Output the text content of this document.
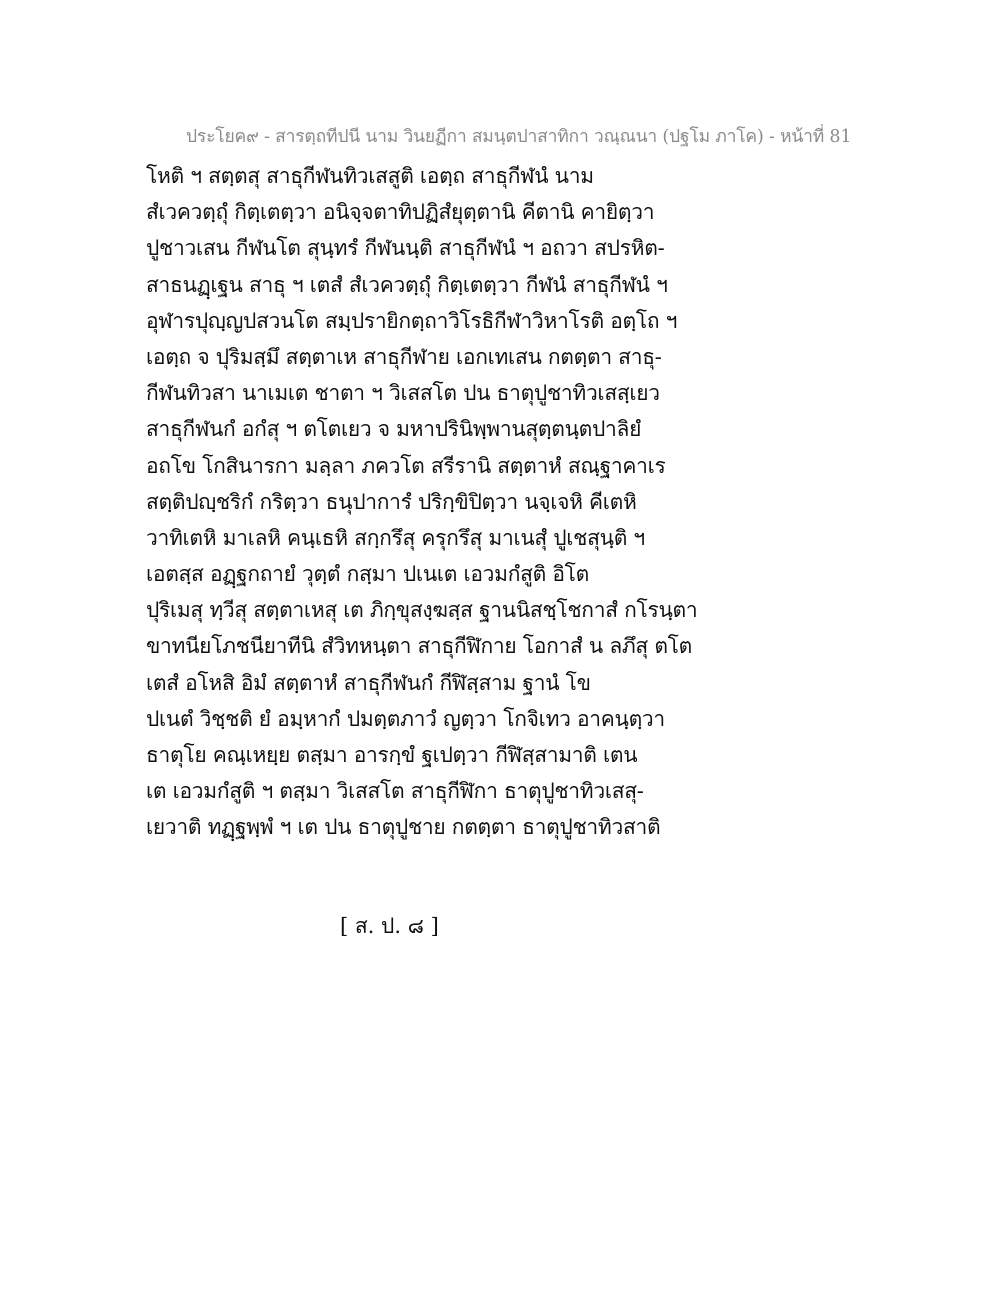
ประโยค๙ - สารตฺถทีปนี นาม วินยฏีกา สมนฺตปาสาทิกา วณฺณนา (ปฐโม ภาโค) - หน้าที่ 81
โหติ ฯ สตฺตสุ สาธุกีฬนทิวเสสูติ เอตฺถ สาธุกีฬนํ นาม
สํเวควตฺถุํ กิตฺเตตฺวา อนิจฺจตาทิปฏิสํยุตฺตานิ คีตานิ คายิตฺวา
ปูชาวเสน กีฬนโต สุนฺทรํ กีฬนนฺติ สาธุกีฬนํ ฯ อถวา สปรหิต-
สาธนฏฺเฐน สาธุ ฯ เตสํ สํเวควตฺถุํ กิตฺเตตฺวา กีฬนํ สาธุกีฬนํ ฯ
อุฬารปุญฺญปสวนโต สมฺปรายิกตฺถาวิโรธิกีฬาวิหาโรติ อตฺโถ ฯ
เอตฺถ จ ปุริมสฺมึ สตฺตาเห สาธุกีฬาย เอกเทเสน กตตฺตา สาธุ-
กีฬนทิวสา นาเมเต ชาตา ฯ วิเสสโต ปน ธาตุปูชาทิวเสสฺเยว
สาธุกีฬนกํ อกํสุ ฯ ตโตเยว จ มหาปรินิพฺพานสุตฺตนฺตปาลิยํ
อถโข โกสินารกา มลฺลา ภควโต สรีรานิ สตฺตาหํ สณฺฐาคาเร
สตฺติปญฺชริกํ กริตฺวา ธนุปาการํ ปริกฺขิปิตฺวา นจฺเจหิ คีเตหิ
วาทิเตหิ มาเลหิ คนฺเธหิ สกฺกรึสุ ครุกรึสุ มาเนสุํ ปูเชสุนฺติ ฯ
เอตสฺส อฏฺฐกถายํ วุตฺตํ กสฺมา ปเนเต เอวมกํสูติ อิโต
ปุริเมสุ ทฺวีสุ สตฺตาเหสุ เต ภิกฺขุสงฺฆสฺส ฐานนิสชฺโชกาสํ กโรนฺตา
ขาทนียโภชนียาทีนิ สํวิทหนฺตา สาธุกีฬิกาย โอกาสํ น ลภึสุ ตโต
เตสํ อโหสิ อิมํ สตฺตาหํ สาธุกีฬนกํ กีฬิสฺสาม ฐานํ โข
ปเนตํ วิชฺชติ ยํ อมฺหากํ ปมตฺตภาวํ ญตฺวา โกจิเทว อาคนฺตฺวา
ธาตุโย คณฺเหยฺย ตสฺมา อารกฺขํ ฐเปตฺวา กีฬิสฺสามาติ เตน
เต เอวมกํสูติ ฯ ตสฺมา วิเสสโต สาธุกีฬิกา ธาตุปูชาทิวเสสุ-
เยวาติ ทฏฺฐพฺพํ ฯ เต ปน ธาตุปูชาย กตตฺตา ธาตุปูชาทิวสาติ
[ ส. ป. ๘ ]
